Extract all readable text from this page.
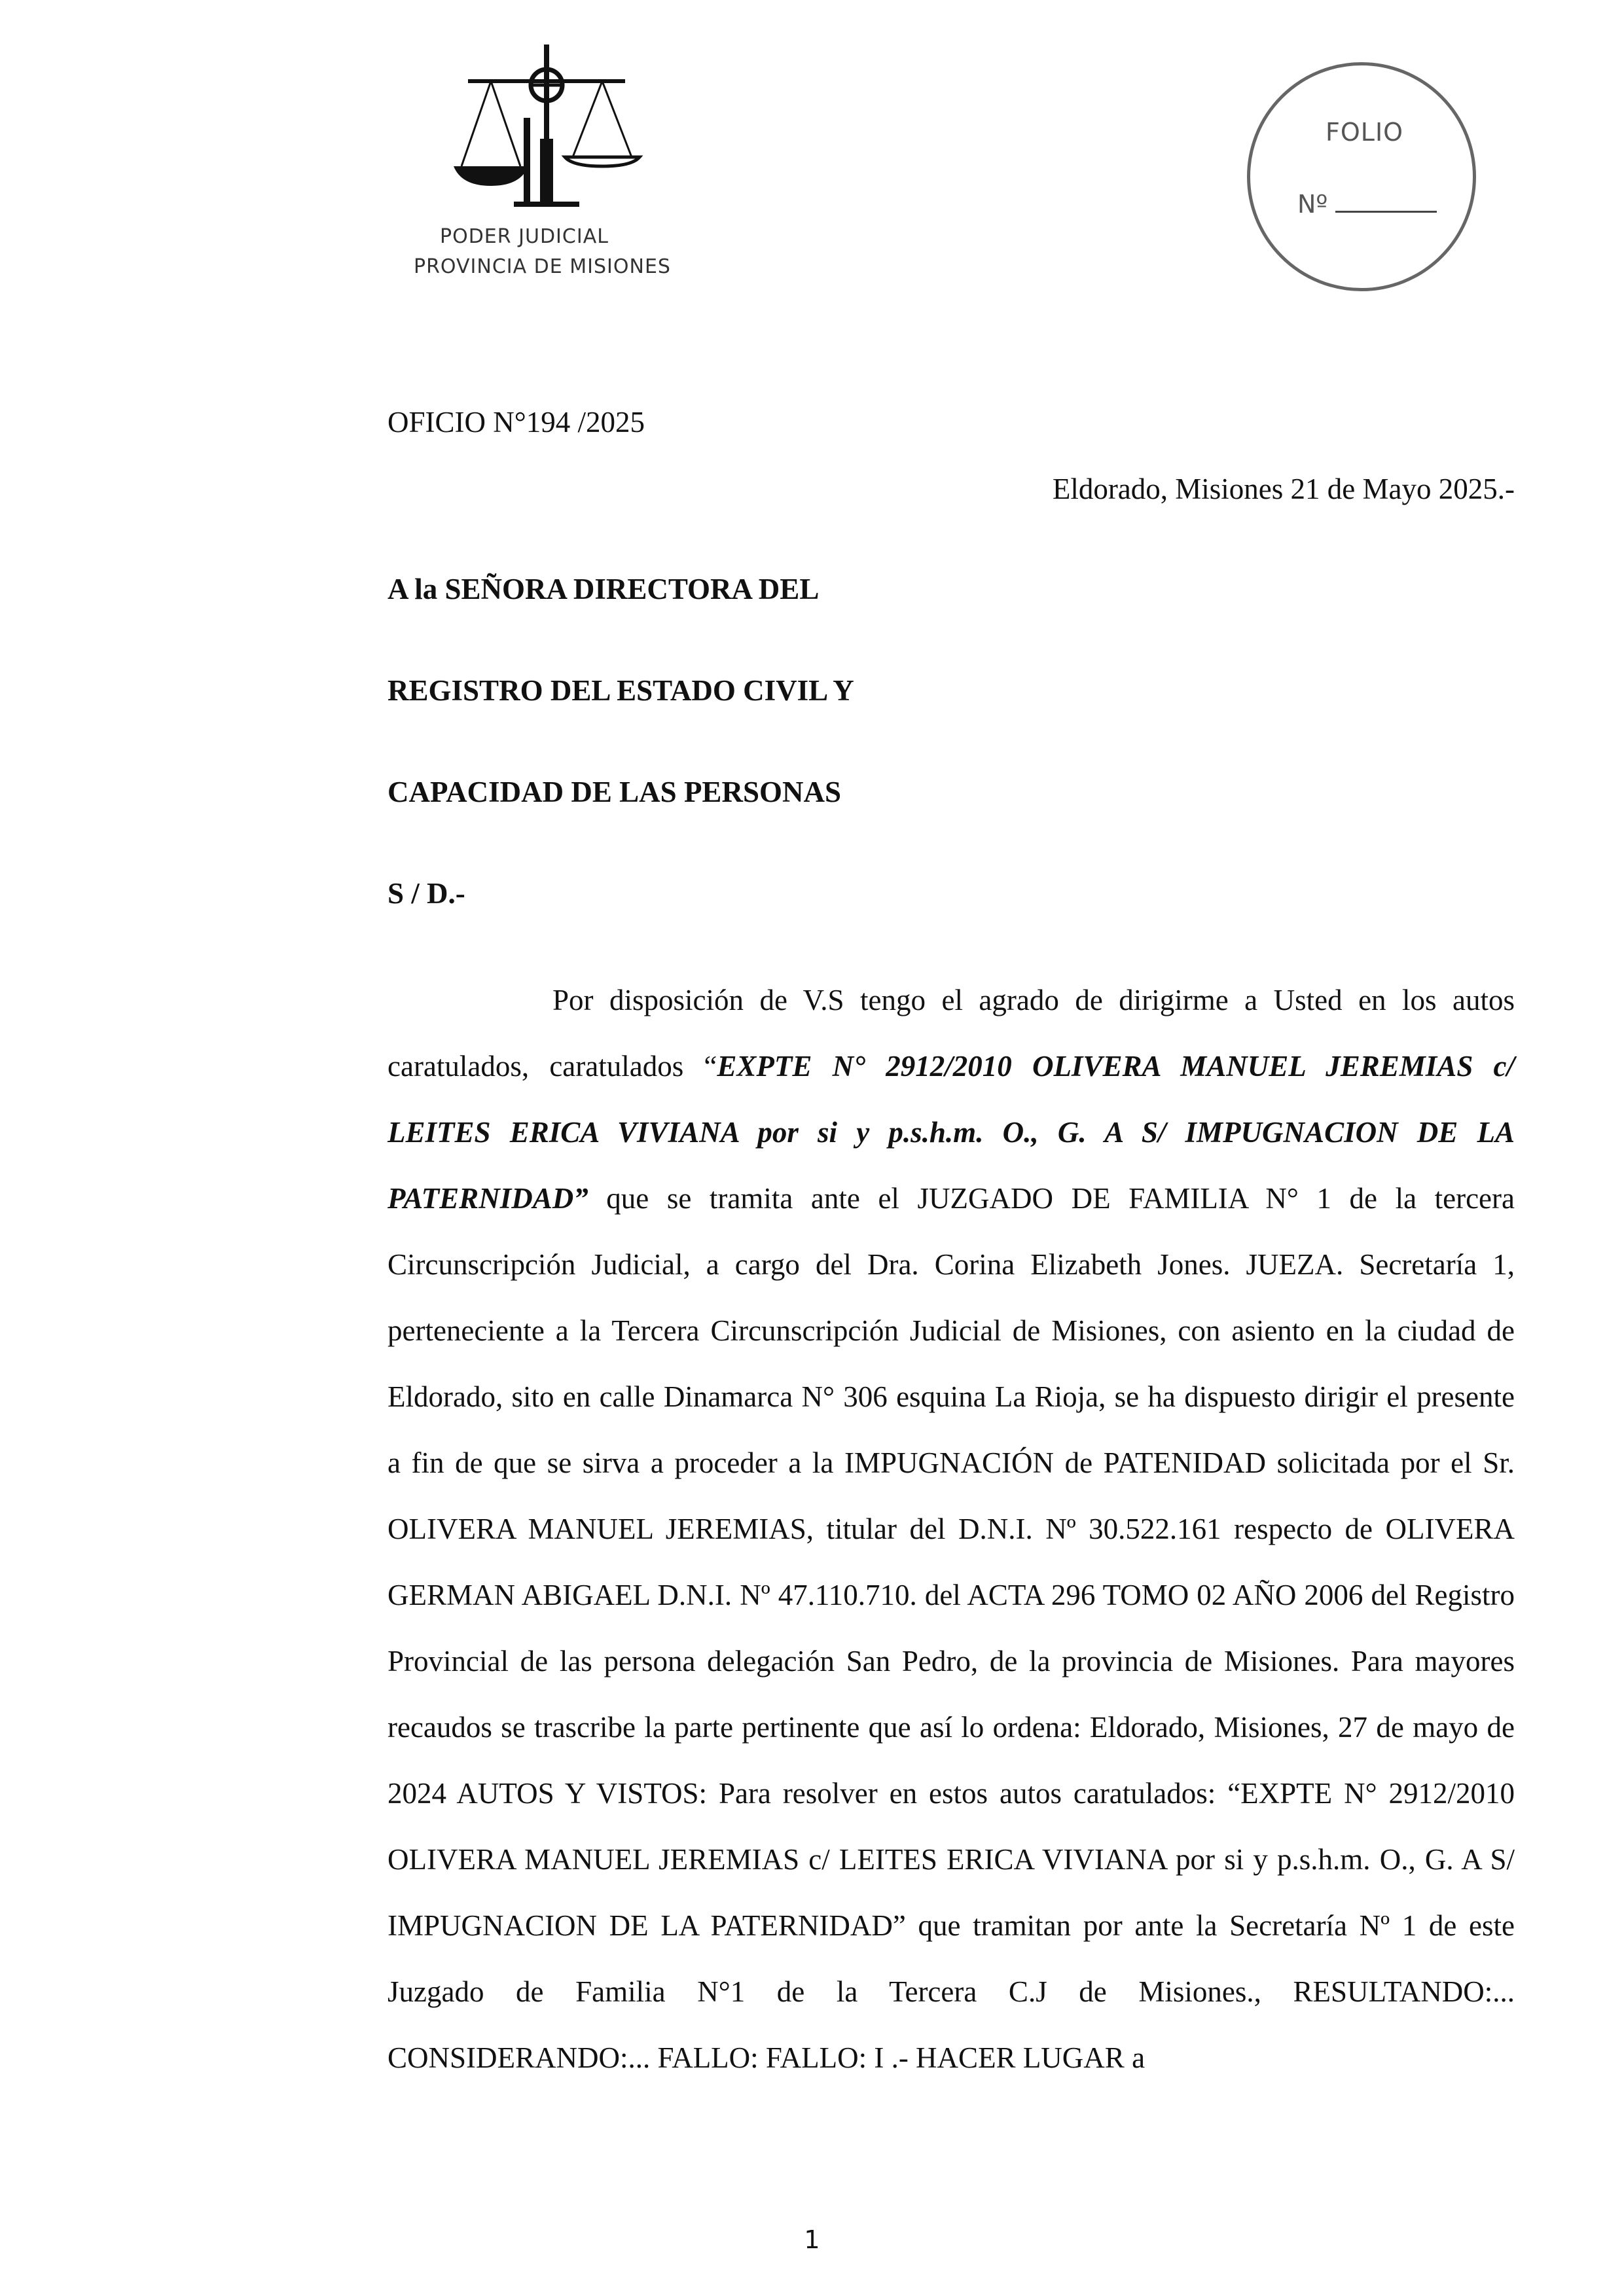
PODER JUDICIAL
PROVINCIA DE MISIONES
FOLIO
Nº
OFICIO N°194 /2025
Eldorado, Misiones 21 de Mayo 2025.-
A la SEÑORA DIRECTORA DEL
REGISTRO DEL ESTADO CIVIL Y
CAPACIDAD DE LAS PERSONAS
S / D.-
Por disposición de V.S tengo el agrado de dirigirme a Usted en los autos caratulados, caratulados “EXPTE N° 2912/2010 OLIVERA MANUEL JEREMIAS c/ LEITES ERICA VIVIANA por si y p.s.h.m. O., G. A S/ IMPUGNACION DE LA PATERNIDAD” que se tramita ante el JUZGADO DE FAMILIA N° 1 de la tercera Circunscripción Judicial, a cargo del Dra. Corina Elizabeth Jones. JUEZA. Secretaría 1, perteneciente a la Tercera Circunscripción Judicial de Misiones, con asiento en la ciudad de Eldorado, sito en calle Dinamarca N° 306 esquina La Rioja, se ha dispuesto dirigir el presente a fin de que se sirva a proceder a la IMPUGNACIÓN de PATENIDAD solicitada por el Sr. OLIVERA MANUEL JEREMIAS, titular del D.N.I. Nº 30.522.161 respecto de OLIVERA GERMAN ABIGAEL D.N.I. Nº 47.110.710. del ACTA 296 TOMO 02 AÑO 2006 del Registro Provincial de las persona delegación San Pedro, de la provincia de Misiones. Para mayores recaudos se trascribe la parte pertinente que así lo ordena: Eldorado, Misiones, 27 de mayo de 2024 AUTOS Y VISTOS: Para resolver en estos autos caratulados: “EXPTE N° 2912/2010 OLIVERA MANUEL JEREMIAS c/ LEITES ERICA VIVIANA por si y p.s.h.m. O., G. A S/ IMPUGNACION DE LA PATERNIDAD” que tramitan por ante la Secretaría Nº 1 de este Juzgado de Familia N°1 de la Tercera C.J de Misiones., RESULTANDO:... CONSIDERANDO:... FALLO: FALLO: I .- HACER LUGAR a
1
